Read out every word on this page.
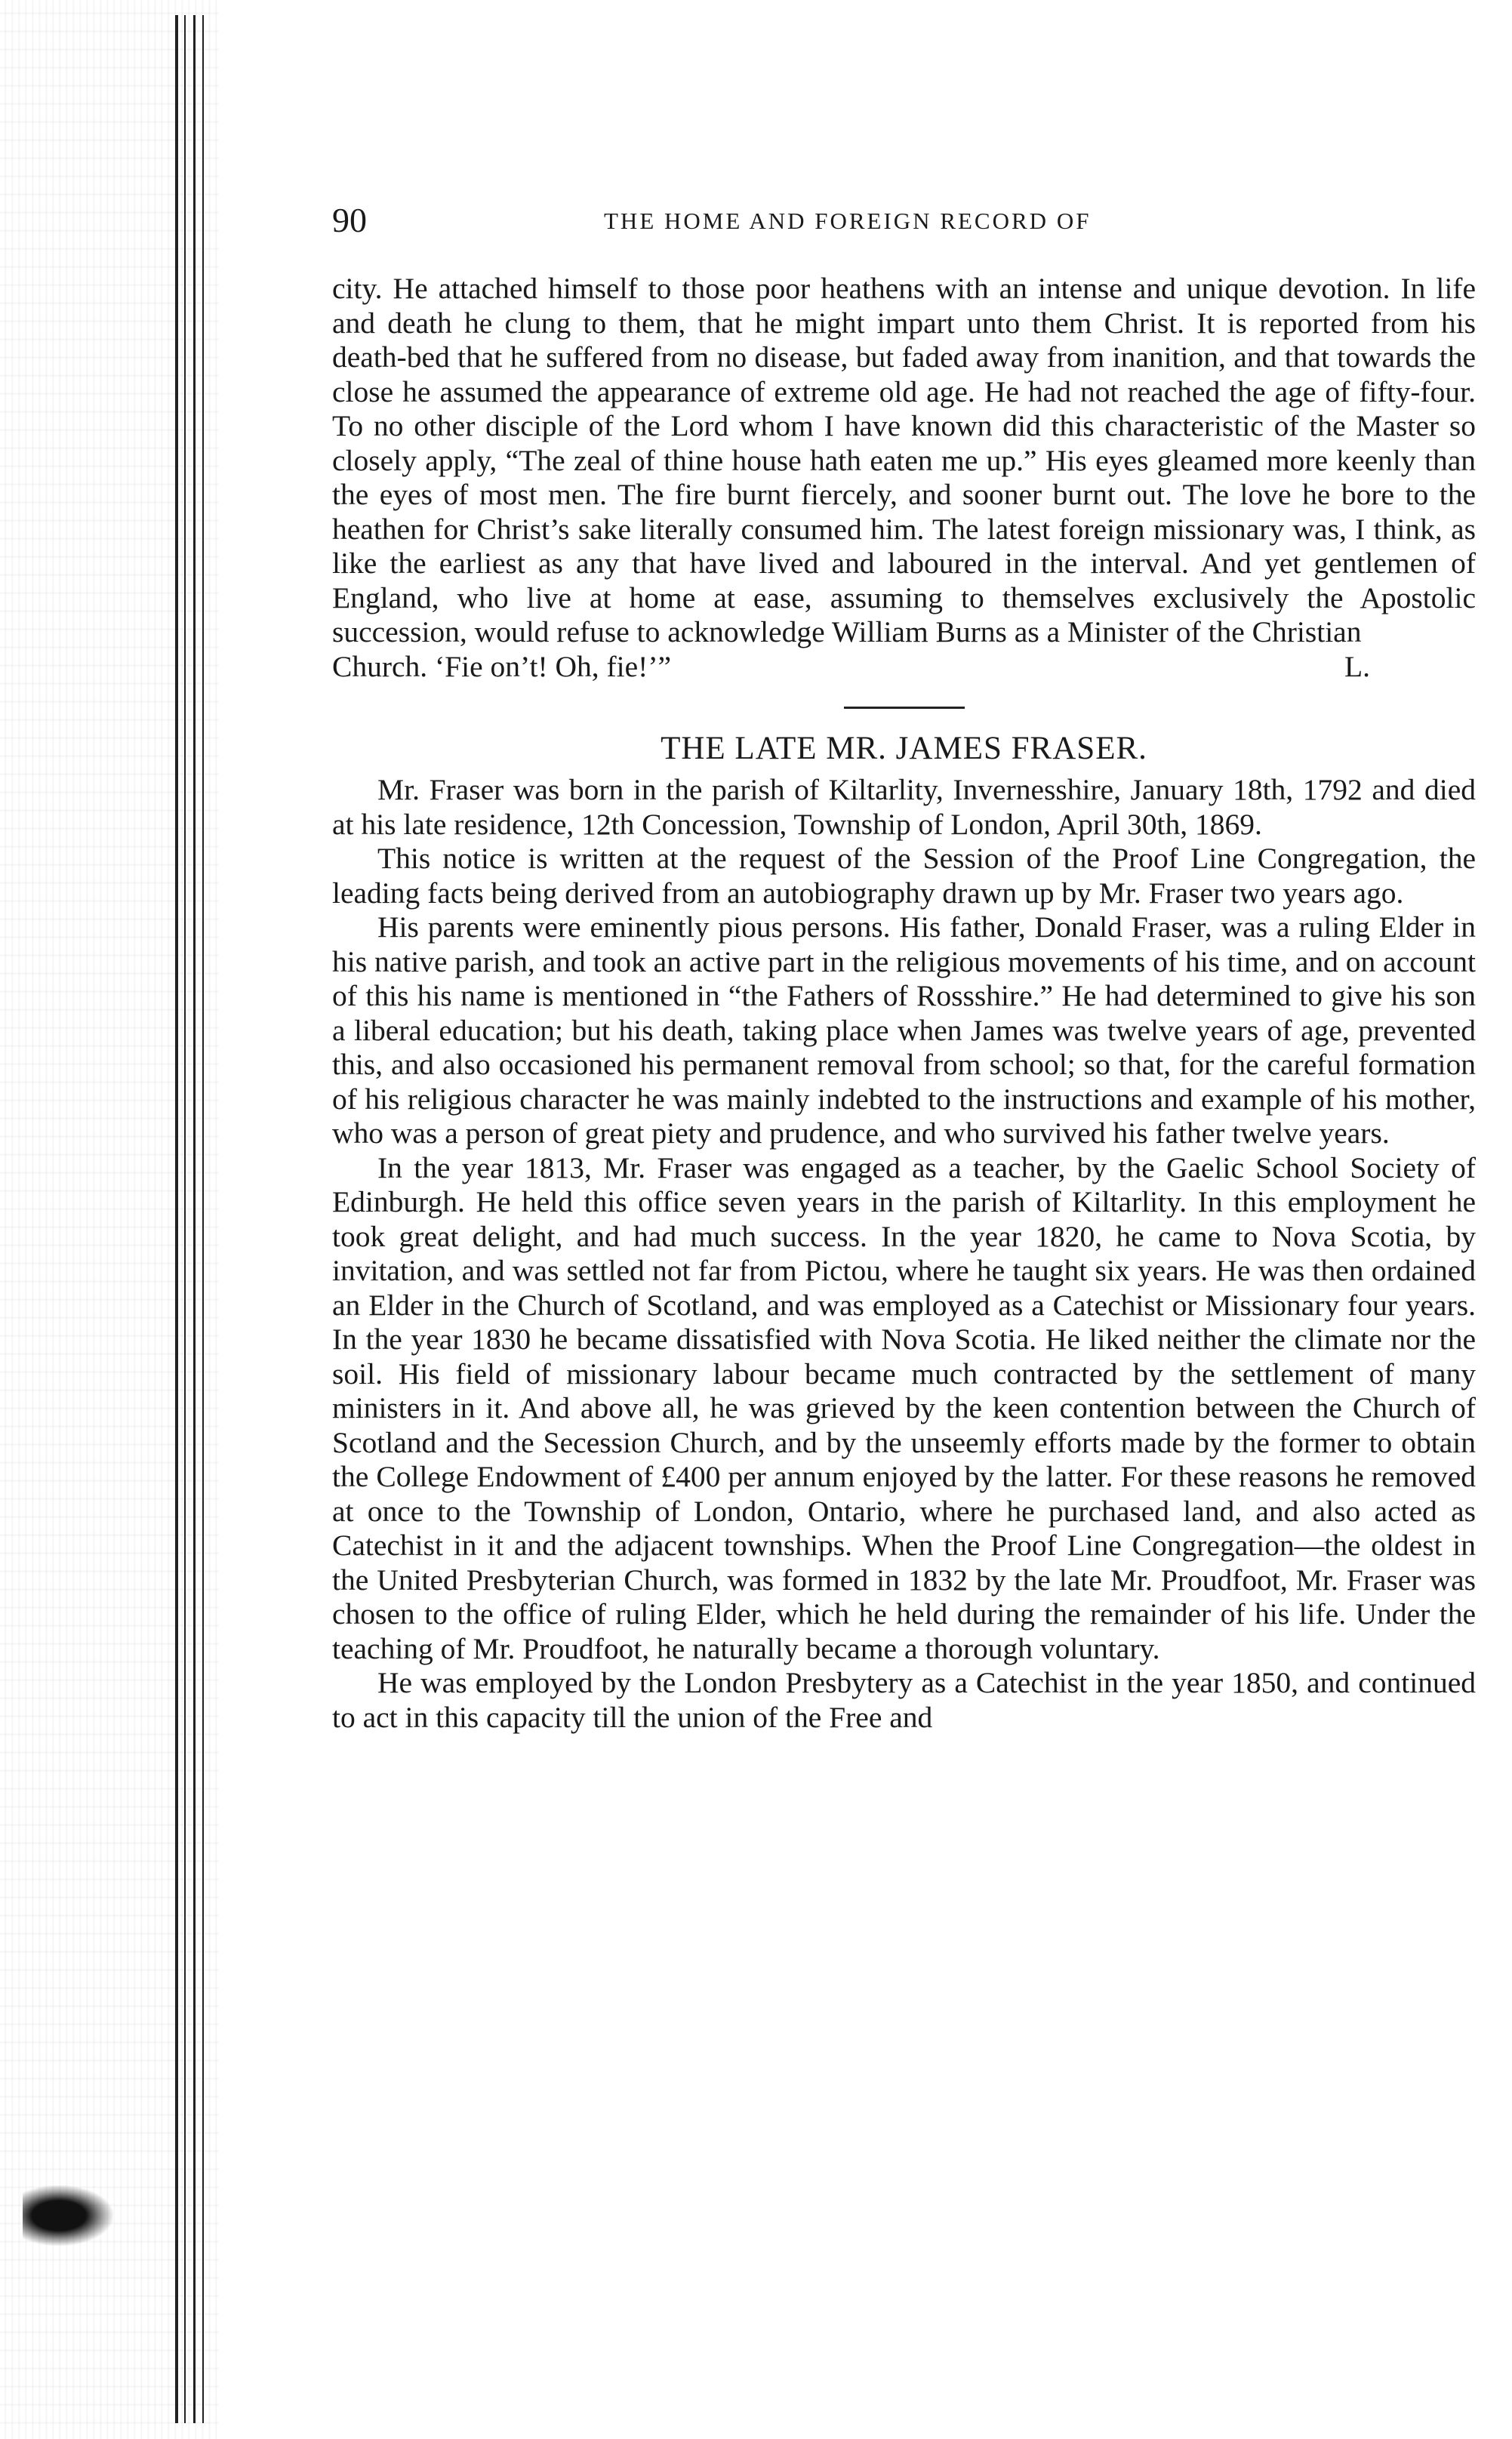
90	THE HOME AND FOREIGN RECORD OF

city. He attached himself to those poor heathens with an intense and unique devotion. In life and death he clung to them, that he might impart unto them Christ. It is reported from his death-bed that he suffered from no disease, but faded away from inanition, and that towards the close he assumed the appearance of extreme old age. He had not reached the age of fifty-four. To no other disciple of the Lord whom I have known did this characteristic of the Master so closely apply, “The zeal of thine house hath eaten me up.” His eyes gleamed more keenly than the eyes of most men. The fire burnt fiercely, and sooner burnt out. The love he bore to the heathen for Christ’s sake literally consumed him. The latest foreign missionary was, I think, as like the earliest as any that have lived and laboured in the interval. And yet gentlemen of England, who live at home at ease, assuming to themselves exclusively the Apostolic succession, would refuse to acknowledge William Burns as a Minister of the Christian

Church. ‘Fie on’t! Oh, fie!’”	L.
THE LATE MR. JAMES FRASER.

Mr. Fraser was born in the parish of Kiltarlity, Invernesshire, January 18th, 1792 and died at his late residence, 12th Concession, Township of London, April 30th, 1869.

This notice is written at the request of the Session of the Proof Line Congregation, the leading facts being derived from an autobiography drawn up by Mr. Fraser two years ago.

His parents were eminently pious persons. His father, Donald Fraser, was a ruling Elder in his native parish, and took an active part in the religious movements of his time, and on account of this his name is mentioned in “the Fathers of Rossshire.” He had determined to give his son a liberal education; but his death, taking place when James was twelve years of age, prevented this, and also occasioned his permanent removal from school; so that, for the careful formation of his religious character he was mainly indebted to the instructions and example of his mother, who was a person of great piety and prudence, and who survived his father twelve years.

In the year 1813, Mr. Fraser was engaged as a teacher, by the Gaelic School Society of Edinburgh. He held this office seven years in the parish of Kiltarlity. In this employment he took great delight, and had much success. In the year 1820, he came to Nova Scotia, by invitation, and was settled not far from Pictou, where he taught six years. He was then ordained an Elder in the Church of Scotland, and was employed as a Catechist or Missionary four years. In the year 1830 he became dissatisfied with Nova Scotia. He liked neither the climate nor the soil. His field of missionary labour became much contracted by the settlement of many ministers in it. And above all, he was grieved by the keen contention between the Church of Scotland and the Secession Church, and by the unseemly efforts made by the former to obtain the College Endowment of £400 per annum enjoyed by the latter. For these reasons he removed at once to the Township of London, Ontario, where he purchased land, and also acted as Catechist in it and the adjacent townships. When the Proof Line Congregation—the oldest in the United Presbyterian Church, was formed in 1832 by the late Mr. Proudfoot, Mr. Fraser was chosen to the office of ruling Elder, which he held during the remainder of his life. Under the teaching of Mr. Proudfoot, he naturally became a thorough voluntary.

He was employed by the London Presbytery as a Catechist in the year 1850, and continued to act in this capacity till the union of the Free and
